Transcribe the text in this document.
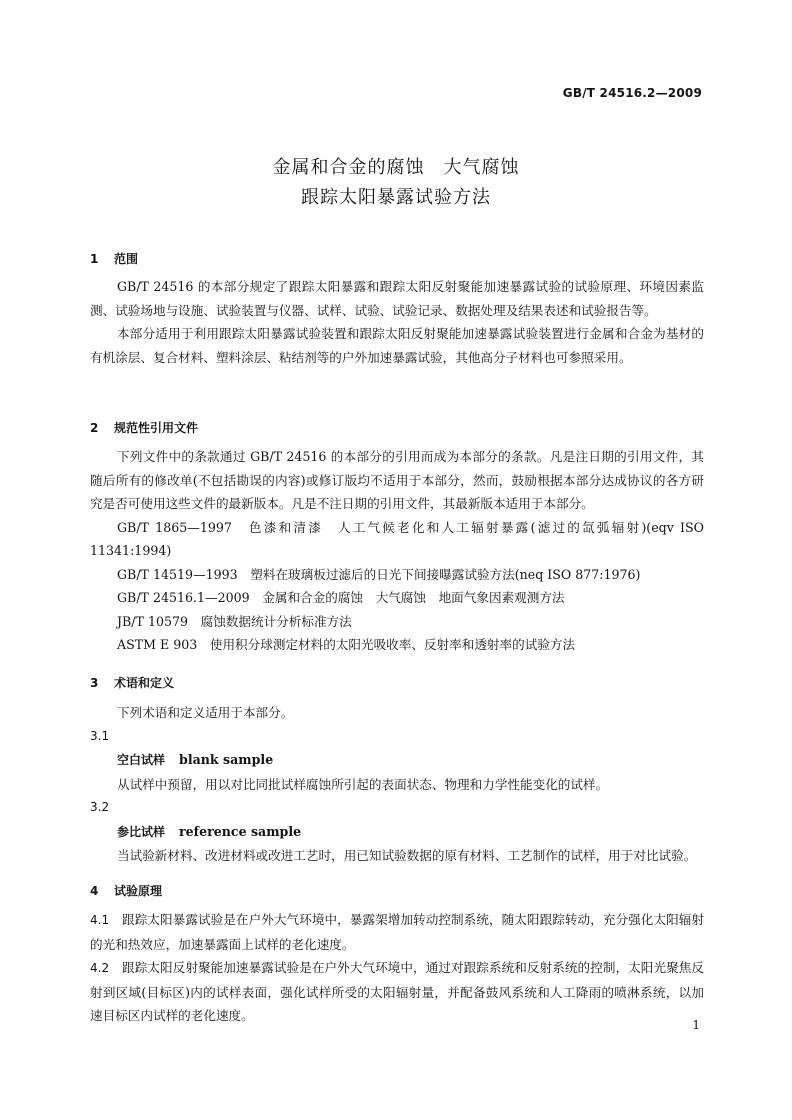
GB/T 24516.2—2009
金属和合金的腐蚀　大气腐蚀
跟踪太阳暴露试验方法
1 范围

GB/T 24516 的本部分规定了跟踪太阳暴露和跟踪太阳反射聚能加速暴露试验的试验原理、环境因素监测、试验场地与设施、试验装置与仪器、试样、试验、试验记录、数据处理及结果表述和试验报告等。

本部分适用于利用跟踪太阳暴露试验装置和跟踪太阳反射聚能加速暴露试验装置进行金属和合金为基材的有机涂层、复合材料、塑料涂层、粘结剂等的户外加速暴露试验，其他高分子材料也可参照采用。

2 规范性引用文件

下列文件中的条款通过 GB/T 24516 的本部分的引用而成为本部分的条款。凡是注日期的引用文件，其随后所有的修改单(不包括勘误的内容)或修订版均不适用于本部分，然而，鼓励根据本部分达成协议的各方研究是否可使用这些文件的最新版本。凡是不注日期的引用文件，其最新版本适用于本部分。

GB/T 1865—1997　色漆和清漆　人工气候老化和人工辐射暴露(滤过的氙弧辐射)(eqv ISO 11341:1994)

GB/T 14519—1993　塑料在玻璃板过滤后的日光下间接曝露试验方法(neq ISO 877:1976)

GB/T 24516.1—2009　金属和合金的腐蚀　大气腐蚀　地面气象因素观测方法

JB/T 10579　腐蚀数据统计分析标准方法

ASTM E 903　使用积分球测定材料的太阳光吸收率、反射率和透射率的试验方法

3 术语和定义

下列术语和定义适用于本部分。

3.1

空白试样 blank sample

从试样中预留，用以对比同批试样腐蚀所引起的表面状态、物理和力学性能变化的试样。

3.2

参比试样 reference sample

当试验新材料、改进材料或改进工艺时，用已知试验数据的原有材料、工艺制作的试样，用于对比试验。

4 试验原理

4.1 跟踪太阳暴露试验是在户外大气环境中，暴露架增加转动控制系统，随太阳跟踪转动，充分强化太阳辐射的光和热效应，加速暴露面上试样的老化速度。

4.2 跟踪太阳反射聚能加速暴露试验是在户外大气环境中，通过对跟踪系统和反射系统的控制，太阳光聚焦反射到区域(目标区)内的试样表面，强化试样所受的太阳辐射量，并配备鼓风系统和人工降雨的喷淋系统，以加速目标区内试样的老化速度。

1
